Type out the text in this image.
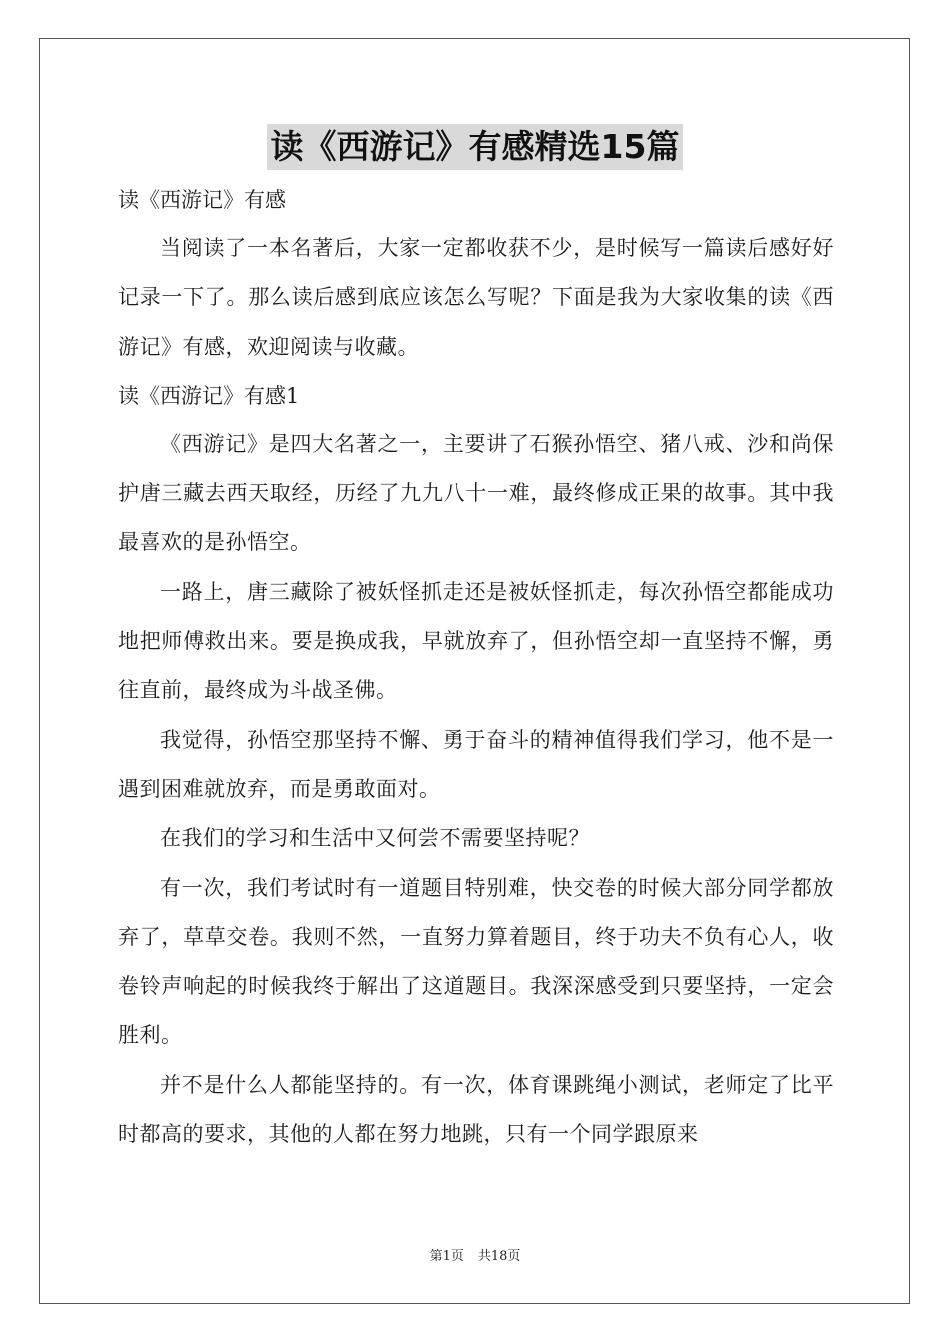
读《西游记》有感精选15篇

读《西游记》有感

当阅读了一本名著后，大家一定都收获不少，是时候写一篇读后感好好记录一下了。那么读后感到底应该怎么写呢？下面是我为大家收集的读《西游记》有感，欢迎阅读与收藏。

读《西游记》有感1

《西游记》是四大名著之一，主要讲了石猴孙悟空、猪八戒、沙和尚保护唐三藏去西天取经，历经了九九八十一难，最终修成正果的故事。其中我最喜欢的是孙悟空。

一路上，唐三藏除了被妖怪抓走还是被妖怪抓走，每次孙悟空都能成功地把师傅救出来。要是换成我，早就放弃了，但孙悟空却一直坚持不懈，勇往直前，最终成为斗战圣佛。

我觉得，孙悟空那坚持不懈、勇于奋斗的精神值得我们学习，他不是一遇到困难就放弃，而是勇敢面对。

在我们的学习和生活中又何尝不需要坚持呢？

有一次，我们考试时有一道题目特别难，快交卷的时候大部分同学都放弃了，草草交卷。我则不然，一直努力算着题目，终于功夫不负有心人，收卷铃声响起的时候我终于解出了这道题目。我深深感受到只要坚持，一定会胜利。

并不是什么人都能坚持的。有一次，体育课跳绳小测试，老师定了比平时都高的要求，其他的人都在努力地跳，只有一个同学跟原来

第1页 共18页
